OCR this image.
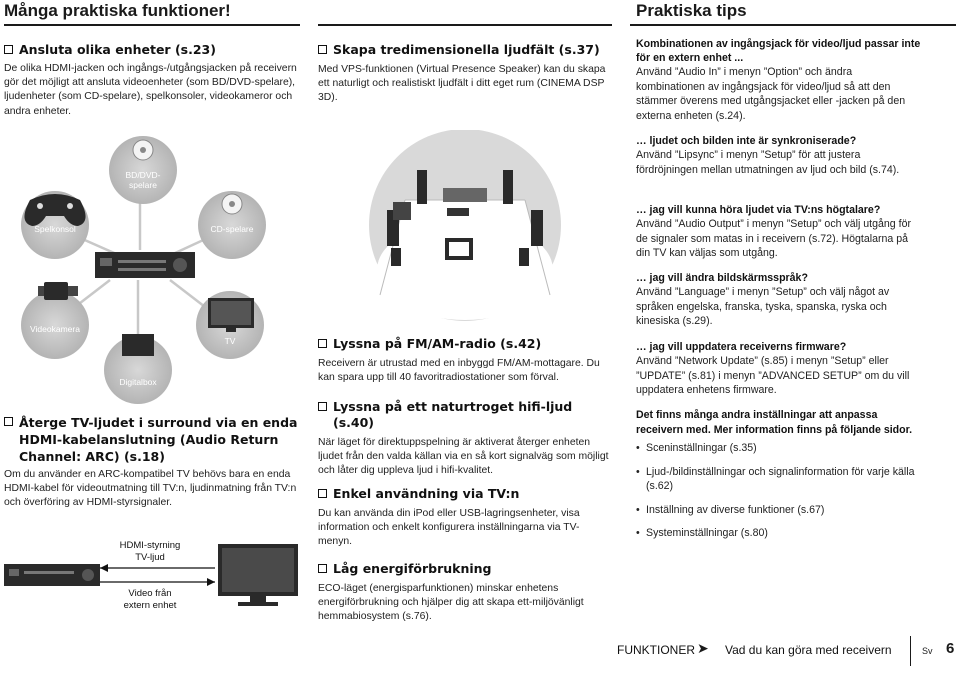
Många praktiska funktioner!	Praktiska tips
Ansluta olika enheter (s.23)
De olika HDMI-jacken och ingångs-/utgångsjacken på receivern gör det möjligt att ansluta videoenheter (som BD/DVD-spelare), ljudenheter (som CD-spelare), spelkonsoler, videokameror och andra enheter.
BD/DVD-
spelare
Spelkonsol	CD-spelare
Videokamera
TV
Digitalbox
Återge TV-ljudet i surround via en enda HDMI-kabelanslutning (Audio Return Channel: ARC) (s.18)
Om du använder en ARC-kompatibel TV behövs bara en enda HDMI-kabel för videoutmatning till TV:n, ljudinmatning från TV:n och överföring av HDMI-styrsignaler.
HDMI-styrning
TV-ljud
Video från
extern enhet
Skapa tredimensionella ljudfält (s.37)
Med VPS-funktionen (Virtual Presence Speaker) kan du skapa ett naturligt och realistiskt ljudfält i ditt eget rum (CINEMA DSP 3D).
Lyssna på FM/AM-radio (s.42)
Receivern är utrustad med en inbyggd FM/AM-mottagare. Du kan spara upp till 40 favoritradiostationer som förval.
Lyssna på ett naturtroget hifi-ljud (s.40)
När läget för direktuppspelning är aktiverat återger enheten ljudet från den valda källan via en så kort signalväg som möjligt och låter dig uppleva ljud i hifi-kvalitet.
Enkel användning via TV:n
Du kan använda din iPod eller USB-lagringsenheter, visa information och enkelt konfigurera inställningarna via TV-menyn.
Låg energiförbrukning
ECO-läget (energisparfunktionen) minskar enhetens energiförbrukning och hjälper dig att skapa ett-miljövänligt hemmabiosystem (s.76).
Kombinationen av ingångsjack för video/ljud passar inte för en extern enhet ...
Använd ”Audio In” i menyn ”Option” och ändra kombinationen av ingångsjack för video/ljud så att den stämmer överens med utgångsjacket eller -jacken på den externa enheten (s.24).
… ljudet och bilden inte är synkroniserade?
Använd ”Lipsync” i menyn ”Setup” för att justera fördröjningen mellan utmatningen av ljud och bild (s.74).
… jag vill kunna höra ljudet via TV:ns högtalare?
Använd ”Audio Output” i menyn ”Setup” och välj utgång för de signaler som matas in i receivern (s.72). Högtalarna på din TV kan väljas som utgång.
… jag vill ändra bildskärmsspråk?
Använd ”Language” i menyn ”Setup” och välj något av språken engelska, franska, tyska, spanska, ryska och kinesiska (s.29).
… jag vill uppdatera receiverns firmware?
Använd ”Network Update” (s.85) i menyn ”Setup” eller ”UPDATE” (s.81) i menyn ”ADVANCED SETUP” om du vill uppdatera enhetens firmware.
Det finns många andra inställningar att anpassa receivern med. Mer information finns på följande sidor.
• Sceninställningar (s.35)
• Ljud-/bildinställningar och signalinformation för varje källa (s.62)
• Inställning av diverse funktioner (s.67)
• Systeminställningar (s.80)
FUNKTIONER ➤ Vad du kan göra med receivern	Sv 6
